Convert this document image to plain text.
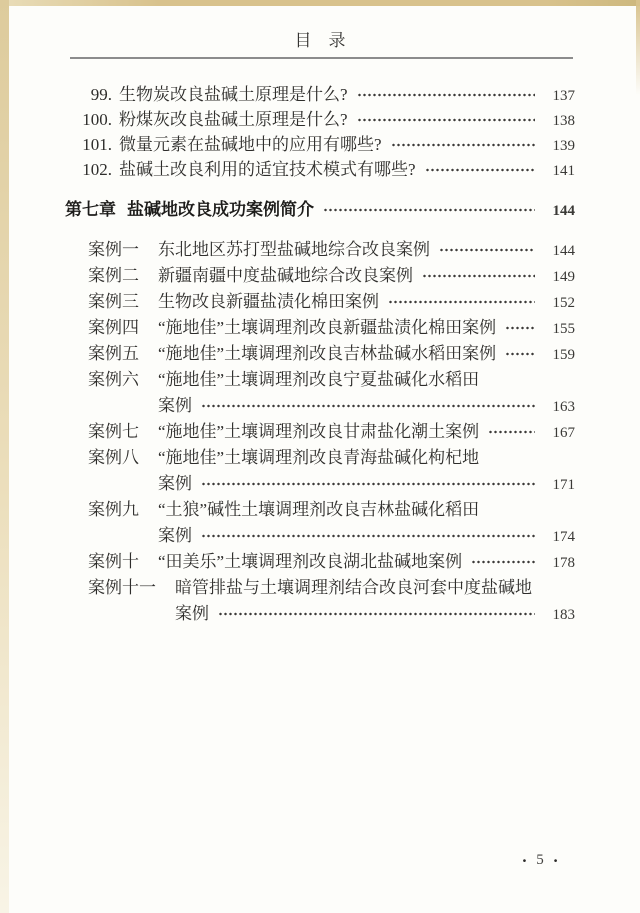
目　录
99. 生物炭改良盐碱土原理是什么?	137
100. 粉煤灰改良盐碱土原理是什么?	138
101. 微量元素在盐碱地中的应用有哪些?	139
102. 盐碱土改良利用的适宜技术模式有哪些?	141
第七章 盐碱地改良成功案例简介	144
案例一 东北地区苏打型盐碱地综合改良案例	144
案例二 新疆南疆中度盐碱地综合改良案例	149
案例三 生物改良新疆盐渍化棉田案例	152
案例四 “施地佳”土壤调理剂改良新疆盐渍化棉田案例	155
案例五 “施地佳”土壤调理剂改良吉林盐碱水稻田案例	159
案例六 “施地佳”土壤调理剂改良宁夏盐碱化水稻田
案例	163
案例七 “施地佳”土壤调理剂改良甘肃盐化潮土案例	167
案例八 “施地佳”土壤调理剂改良青海盐碱化枸杞地
案例	171
案例九 “土狼”碱性土壤调理剂改良吉林盐碱化稻田
案例	174
案例十 “田美乐”土壤调理剂改良湖北盐碱地案例	178
案例十一 暗管排盐与土壤调理剂结合改良河套中度盐碱地
案例	183
· 5 ·
